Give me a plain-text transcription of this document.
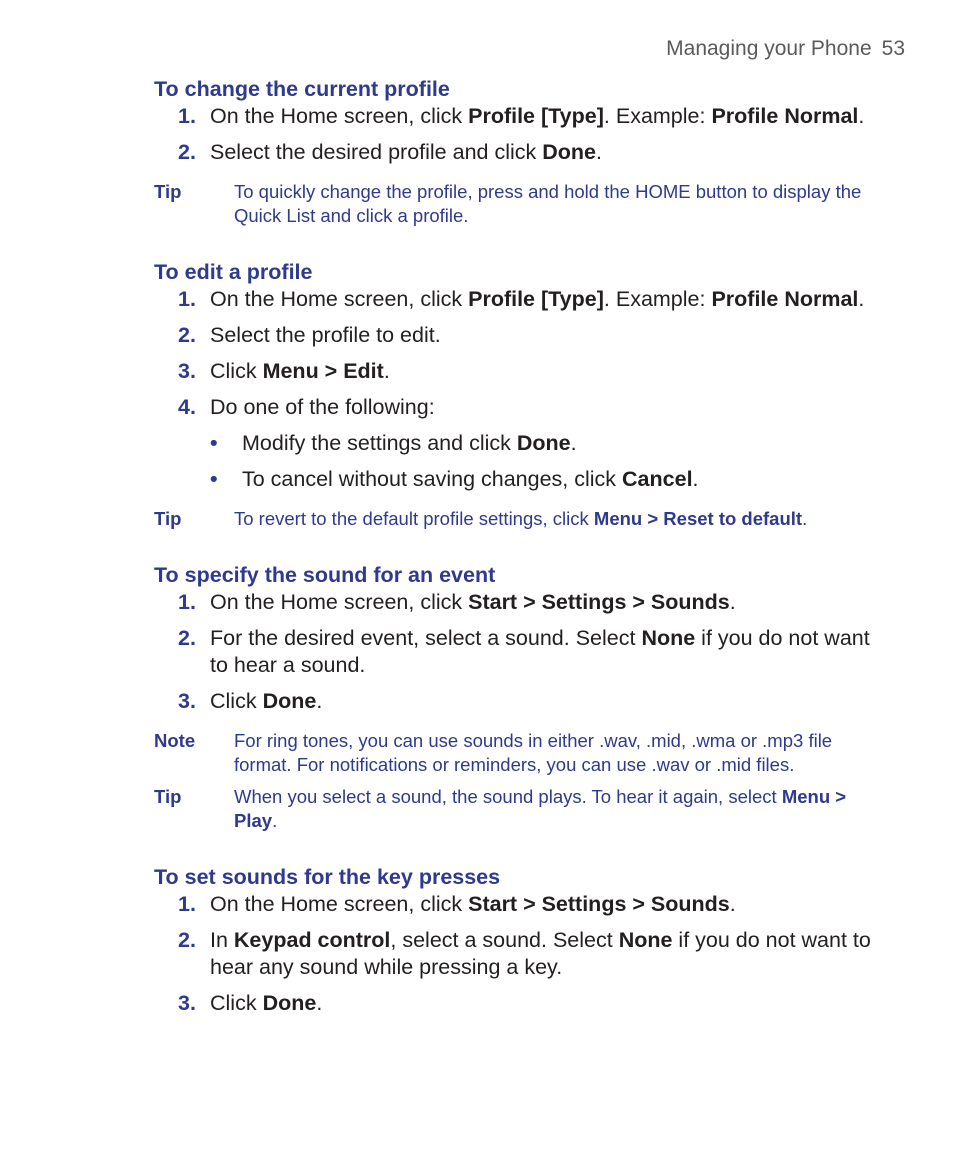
Managing your Phone 53
To change the current profile
1. On the Home screen, click Profile [Type]. Example: Profile Normal.
2. Select the desired profile and click Done.
Tip	To quickly change the profile, press and hold the HOME button to display the Quick List and click a profile.
To edit a profile
1. On the Home screen, click Profile [Type]. Example: Profile Normal.
2. Select the profile to edit.
3. Click Menu > Edit.
4. Do one of the following:
•	Modify the settings and click Done.
•	To cancel without saving changes, click Cancel.
Tip	To revert to the default profile settings, click Menu > Reset to default.
To specify the sound for an event
1. On the Home screen, click Start > Settings > Sounds.
2. For the desired event, select a sound. Select None if you do not want to hear a sound.
3. Click Done.
Note	For ring tones, you can use sounds in either .wav, .mid, .wma or .mp3 file format. For notifications or reminders, you can use .wav or .mid files.
Tip	When you select a sound, the sound plays. To hear it again, select Menu > Play.
To set sounds for the key presses
1. On the Home screen, click Start > Settings > Sounds.
2. In Keypad control, select a sound. Select None if you do not want to hear any sound while pressing a key.
3. Click Done.
